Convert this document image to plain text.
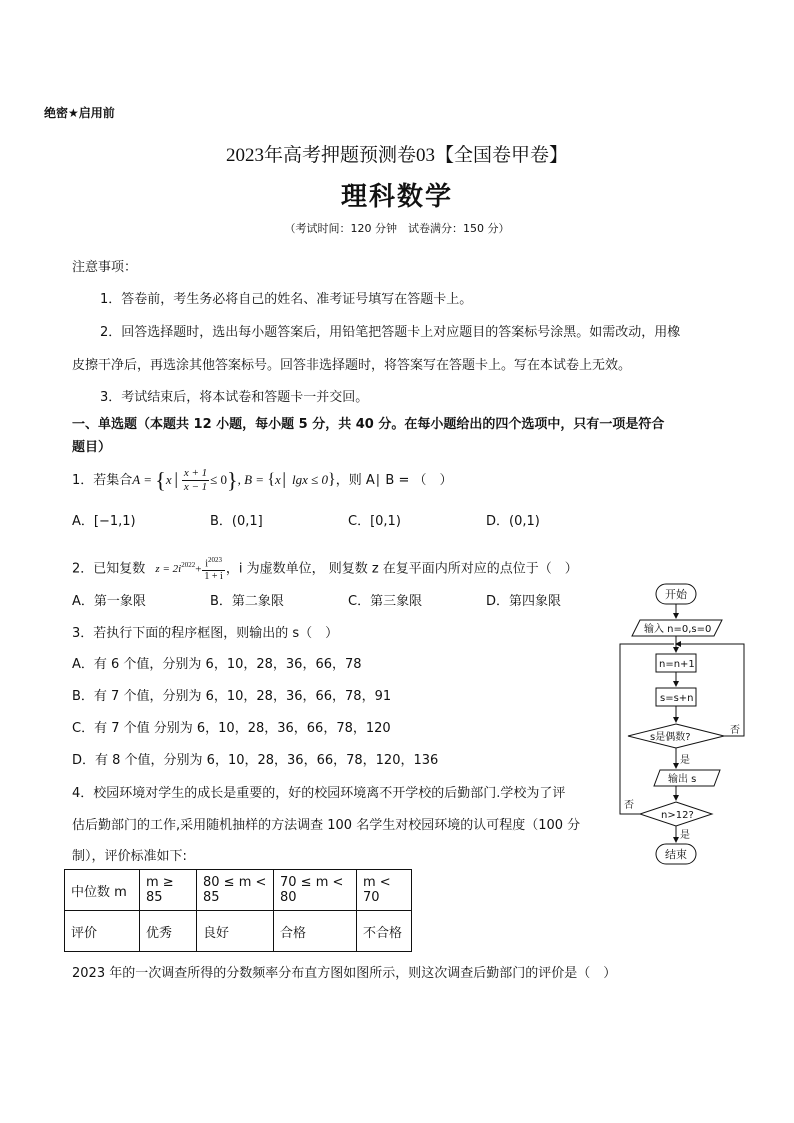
绝密★启用前
2023年高考押题预测卷03【全国卷甲卷】
理科数学
（考试时间：120 分钟　试卷满分：150 分）
注意事项：
1．答卷前，考生务必将自己的姓名、准考证号填写在答题卡上。
2．回答选择题时，选出每小题答案后，用铅笔把答题卡上对应题目的答案标号涂黑。如需改动，用橡
皮擦干净后，再选涂其他答案标号。回答非选择题时，将答案写在答题卡上。写在本试卷上无效。
3．考试结束后，将本试卷和答题卡一并交回。
一、单选题（本题共 12 小题，每小题 5 分，共 40 分。在每小题给出的四个选项中，只有一项是符合
题目）
1．若集合A = {x│ $\frac{x + 1}{x - 1} \le 0$}, B = {x│ lgx ≤ 0}，则 A∣ B = （　）
A．[−1,1)	B．(0,1]	C．[0,1)	D．(0,1)
2．已知复数 $z = 2i^{2022}+ \frac{i^{2023}}{1 + i}$ ，i 为虚数单位， 则复数 z 在复平面内所对应的点位于（　）
A．第一象限	B．第二象限	C．第三象限	D．第四象限
3．若执行下面的程序框图，则输出的 s（　）
A．有 6 个值，分别为 6，10，28，36，66，78
B．有 7 个值，分别为 6，10，28，36，66，78，91
C．有 7 个值 分别为 6，10，28，36，66，78，120
D．有 8 个值，分别为 6，10，28，36，66，78，120，136
4．校园环境对学生的成长是重要的，好的校园环境离不开学校的后勤部门.学校为了评
估后勤部门的工作,采用随机抽样的方法调查 100 名学生对校园环境的认可程度（100 分
制），评价标准如下:
中位数 m	m ≥ 85	80 ≤ m < 85	70 ≤ m < 80	m < 70
评价	优秀	良好	合格	不合格
2023 年的一次调查所得的分数频率分布直方图如图所示，则这次调查后勤部门的评价是（　）
开始
输入 n=0,s=0
n=n+1
s=s+n
s是偶数?
是
否
输出 s
n>12?
是
否
结束
